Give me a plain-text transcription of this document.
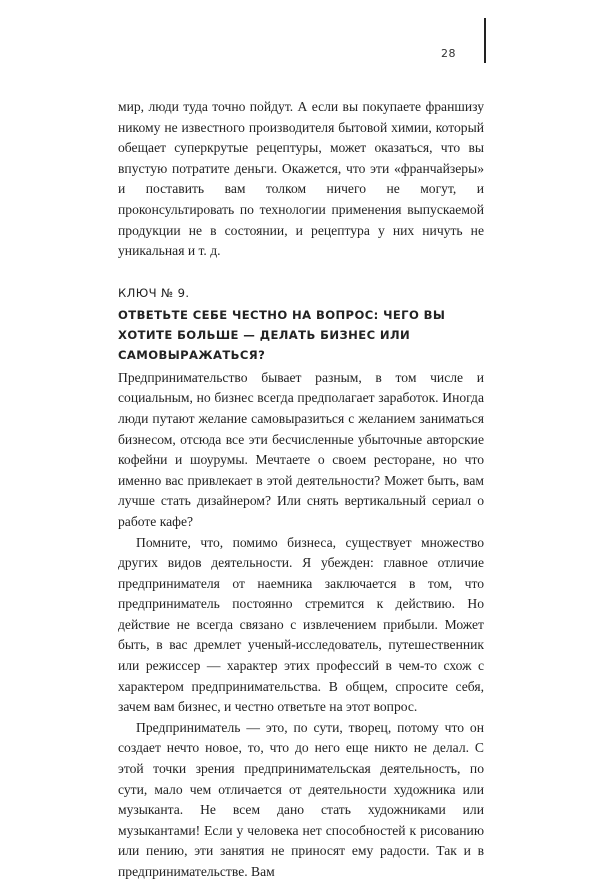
28

мир, люди туда точно пойдут. А если вы покупаете франшизу никому не известного производителя бытовой химии, который обещает суперкрутые рецептуры, может оказаться, что вы впустую потратите деньги. Окажется, что эти «франчайзеры» и поставить вам толком ничего не могут, и проконсультировать по технологии применения выпускаемой продукции не в состоянии, и рецептура у них ничуть не уникальная и т. д.

КЛЮЧ № 9.
ОТВЕТЬТЕ СЕБЕ ЧЕСТНО НА ВОПРОС: ЧЕГО ВЫ ХОТИТЕ БОЛЬШЕ — ДЕЛАТЬ БИЗНЕС ИЛИ САМОВЫРАЖАТЬСЯ?

Предпринимательство бывает разным, в том числе и социальным, но бизнес всегда предполагает заработок. Иногда люди путают желание самовыразиться с желанием заниматься бизнесом, отсюда все эти бесчисленные убыточные авторские кофейни и шоурумы. Мечтаете о своем ресторане, но что именно вас привлекает в этой деятельности? Может быть, вам лучше стать дизайнером? Или снять вертикальный сериал о работе кафе?

Помните, что, помимо бизнеса, существует множество других видов деятельности. Я убежден: главное отличие предпринимателя от наемника заключается в том, что предприниматель постоянно стремится к действию. Но действие не всегда связано с извлечением прибыли. Может быть, в вас дремлет ученый-исследователь, путешественник или режиссер — характер этих профессий в чем-то схож с характером предпринимательства. В общем, спросите себя, зачем вам бизнес, и честно ответьте на этот вопрос.

Предприниматель — это, по сути, творец, потому что он создает нечто новое, то, что до него еще никто не делал. С этой точки зрения предпринимательская деятельность, по сути, мало чем отличается от деятельности художника или музыканта. Не всем дано стать художниками или музыкантами! Если у человека нет способностей к рисованию или пению, эти занятия не приносят ему радости. Так и в предпринимательстве. Вам
